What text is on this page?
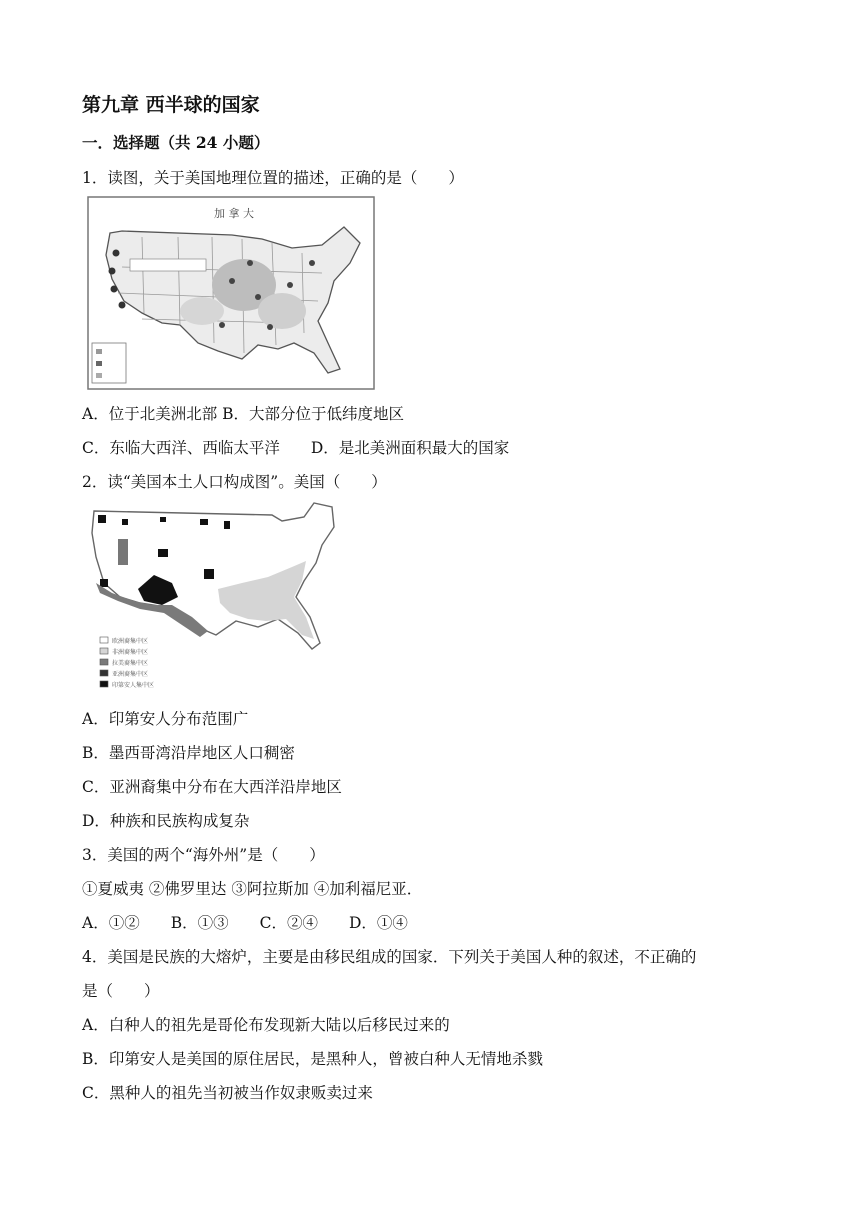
第九章 西半球的国家
一．选择题（共 24 小题）
1．读图，关于美国地理位置的描述，正确的是（　　）
加 拿 大
A．位于北美洲北部 B．大部分位于低纬度地区
C．东临大西洋、西临太平洋　　D．是北美洲面积最大的国家
2．读“美国本土人口构成图”。美国（　　）
欧洲裔集中区
非洲裔集中区
拉美裔集中区
亚洲裔集中区
印第安人集中区
A．印第安人分布范围广
B．墨西哥湾沿岸地区人口稠密
C．亚洲裔集中分布在大西洋沿岸地区
D．种族和民族构成复杂
3．美国的两个“海外州”是（　　）
①夏威夷 ②佛罗里达 ③阿拉斯加 ④加利福尼亚．
A．①②　　B．①③　　C．②④　　D．①④
4．美国是民族的大熔炉，主要是由移民组成的国家．下列关于美国人种的叙述，不正确的
是（　　）
A．白种人的祖先是哥伦布发现新大陆以后移民过来的
B．印第安人是美国的原住居民，是黑种人，曾被白种人无情地杀戮
C．黑种人的祖先当初被当作奴隶贩卖过来
